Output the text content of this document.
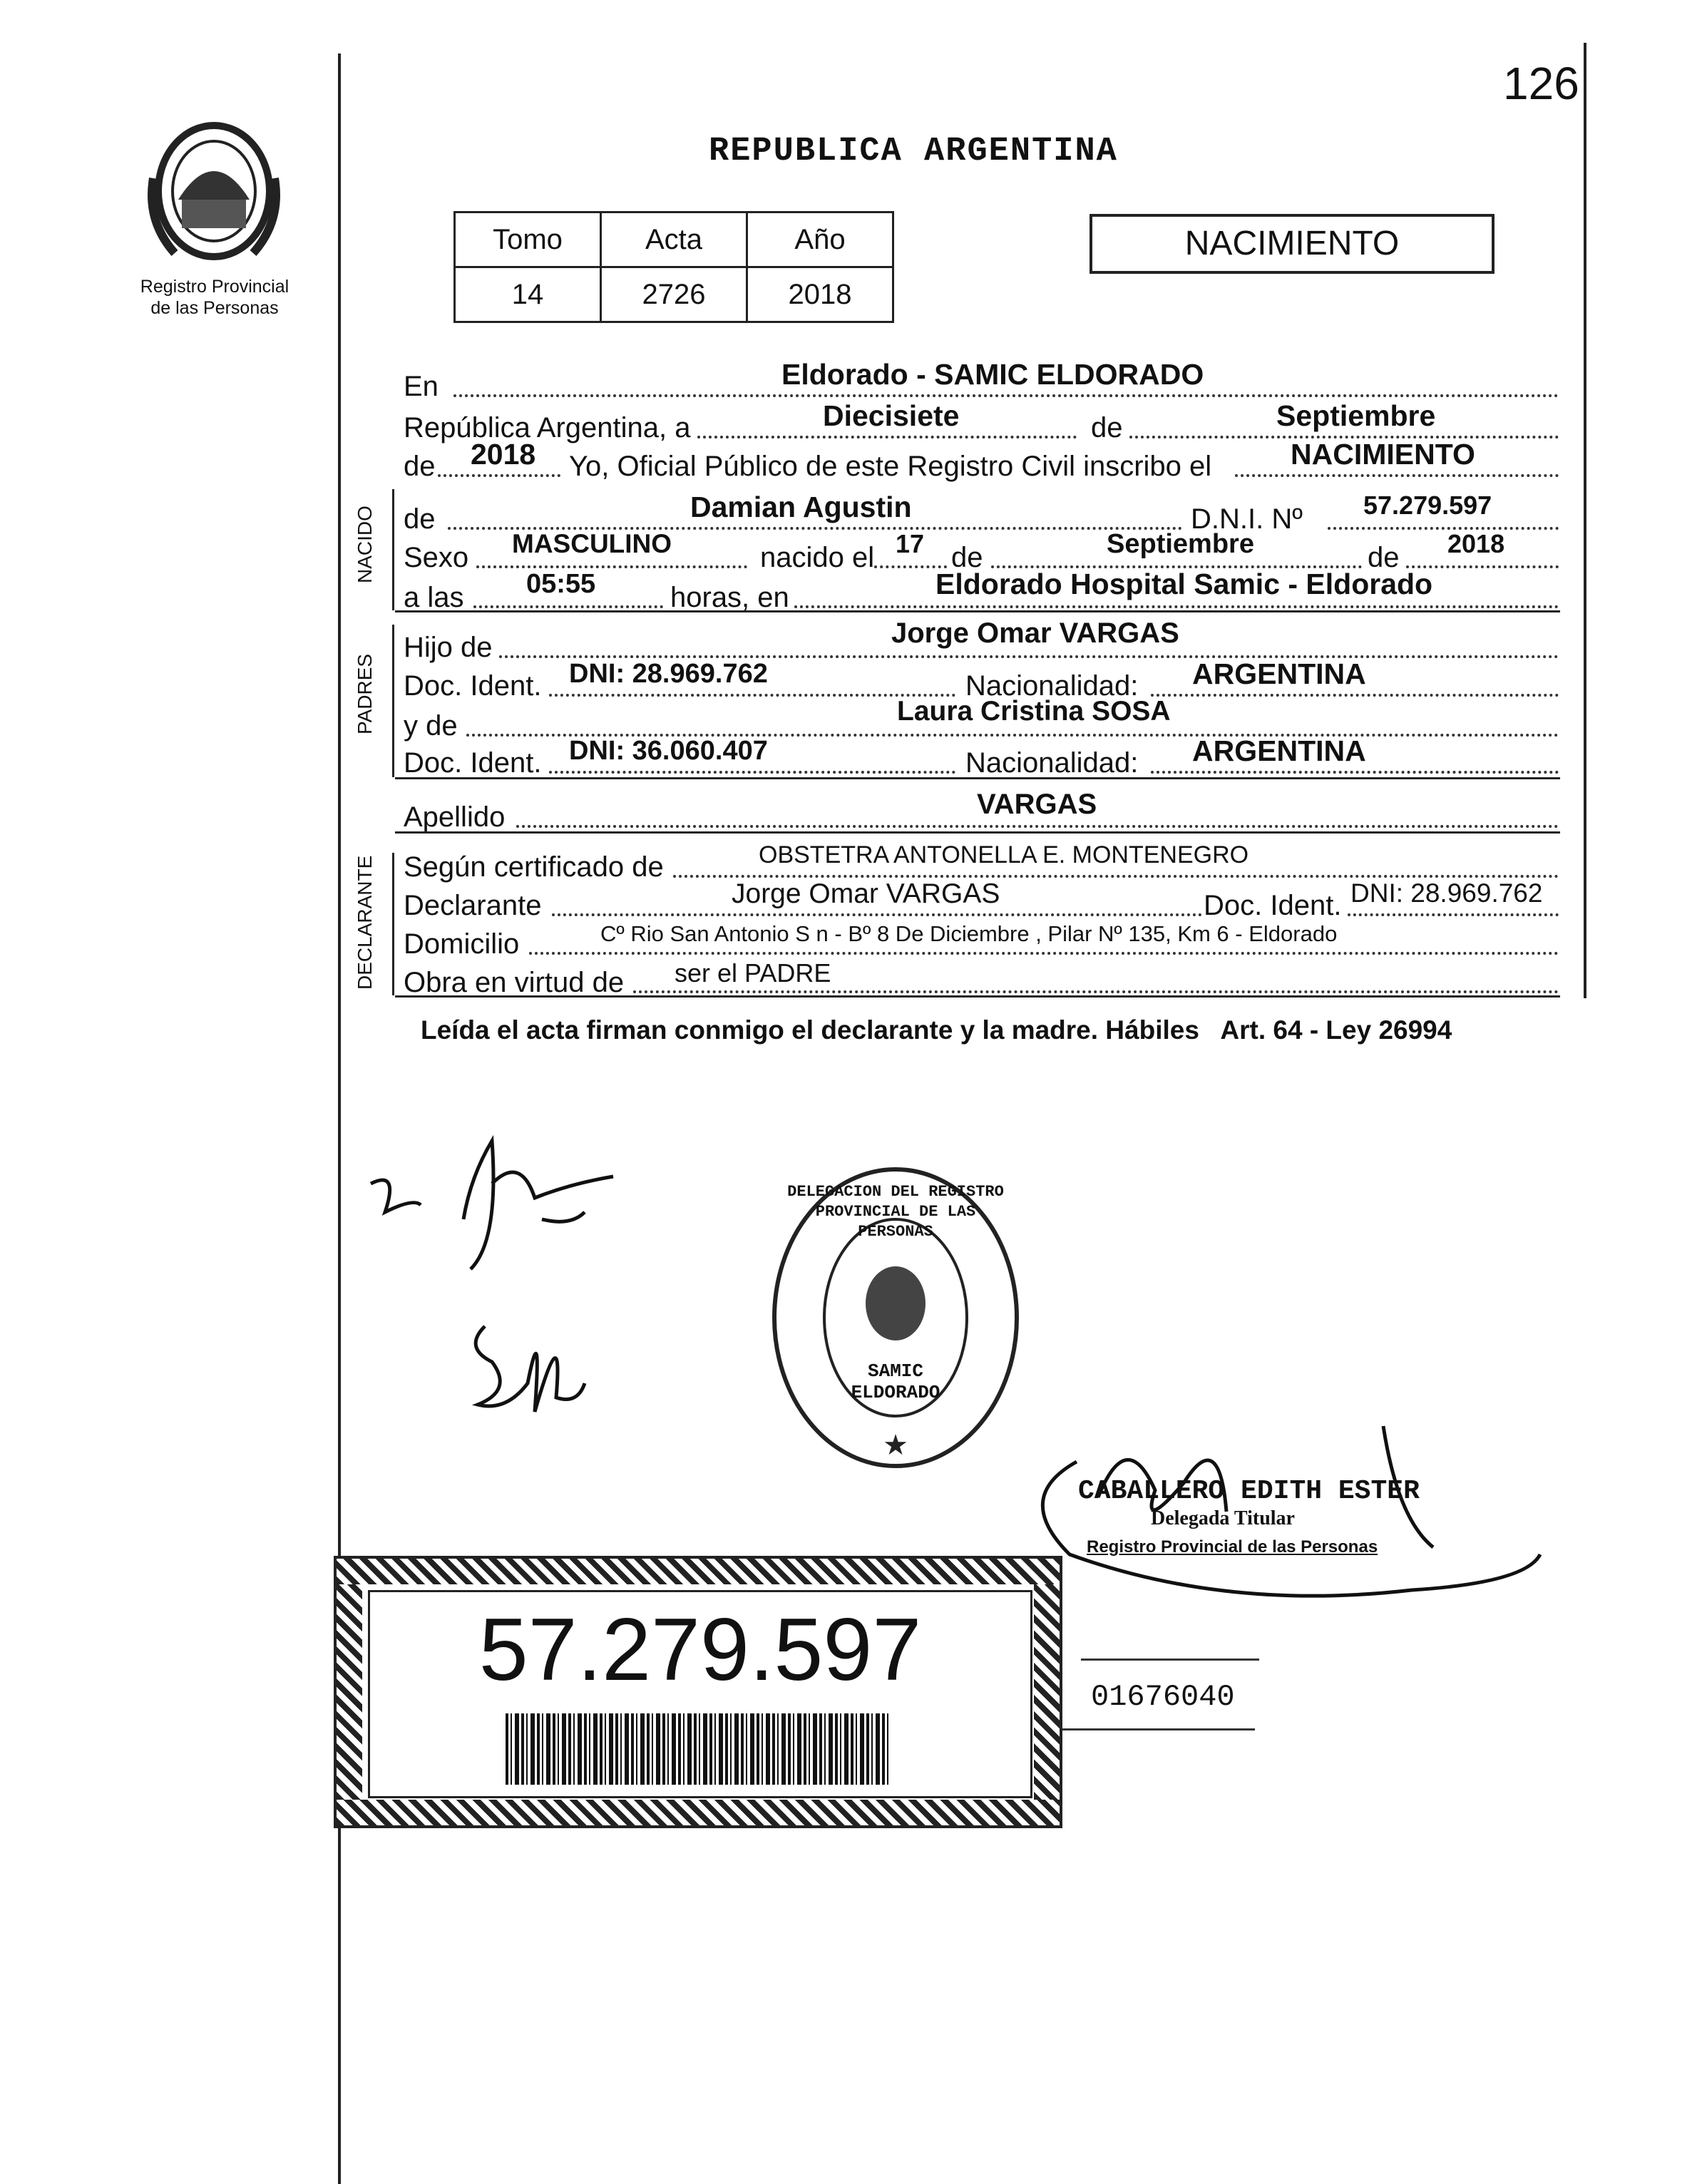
126
Registro Provincial
de las Personas
REPUBLICA ARGENTINA
Tomo	Acta	Año
14	2726	2018
NACIMIENTO
En	Eldorado - SAMIC ELDORADO
República Argentina, a	Diecisiete	de	Septiembre
de 2018 Yo, Oficial Público de este Registro Civil inscribo el	NACIMIENTO
NACIDO de	Damian Agustin	D.N.I. Nº 57.279.597
Sexo MASCULINO	nacido el 17 de	Septiembre	de 2018
a las 05:55	horas, en	Eldorado Hospital Samic - Eldorado
PADRES
Hijo de	Jorge Omar VARGAS
Doc. Ident. DNI: 28.969.762	Nacionalidad: ARGENTINA
y de	Laura Cristina SOSA
Doc. Ident. DNI: 36.060.407	Nacionalidad: ARGENTINA
Apellido	VARGAS
DECLARANTE Según certificado de	OBSTETRA ANTONELLA E. MONTENEGRO
Declarante	Jorge Omar VARGAS	Doc. Ident. DNI: 28.969.762
Domicilio	Cº Rio San Antonio S n - Bº 8 De Diciembre , Pilar Nº 135, Km 6 - Eldorado
Obra en virtud de ser el PADRE
Leída el acta firman conmigo el declarante y la madre. Hábiles   Art. 64 - Ley 26994
★
DELEGACION DEL REGISTRO PROVINCIAL DE LAS PERSONAS
SAMIC ELDORADO
CABALLERO EDITH ESTER
Delegada Titular
Registro Provincial de las Personas
57.279.597	01676040
